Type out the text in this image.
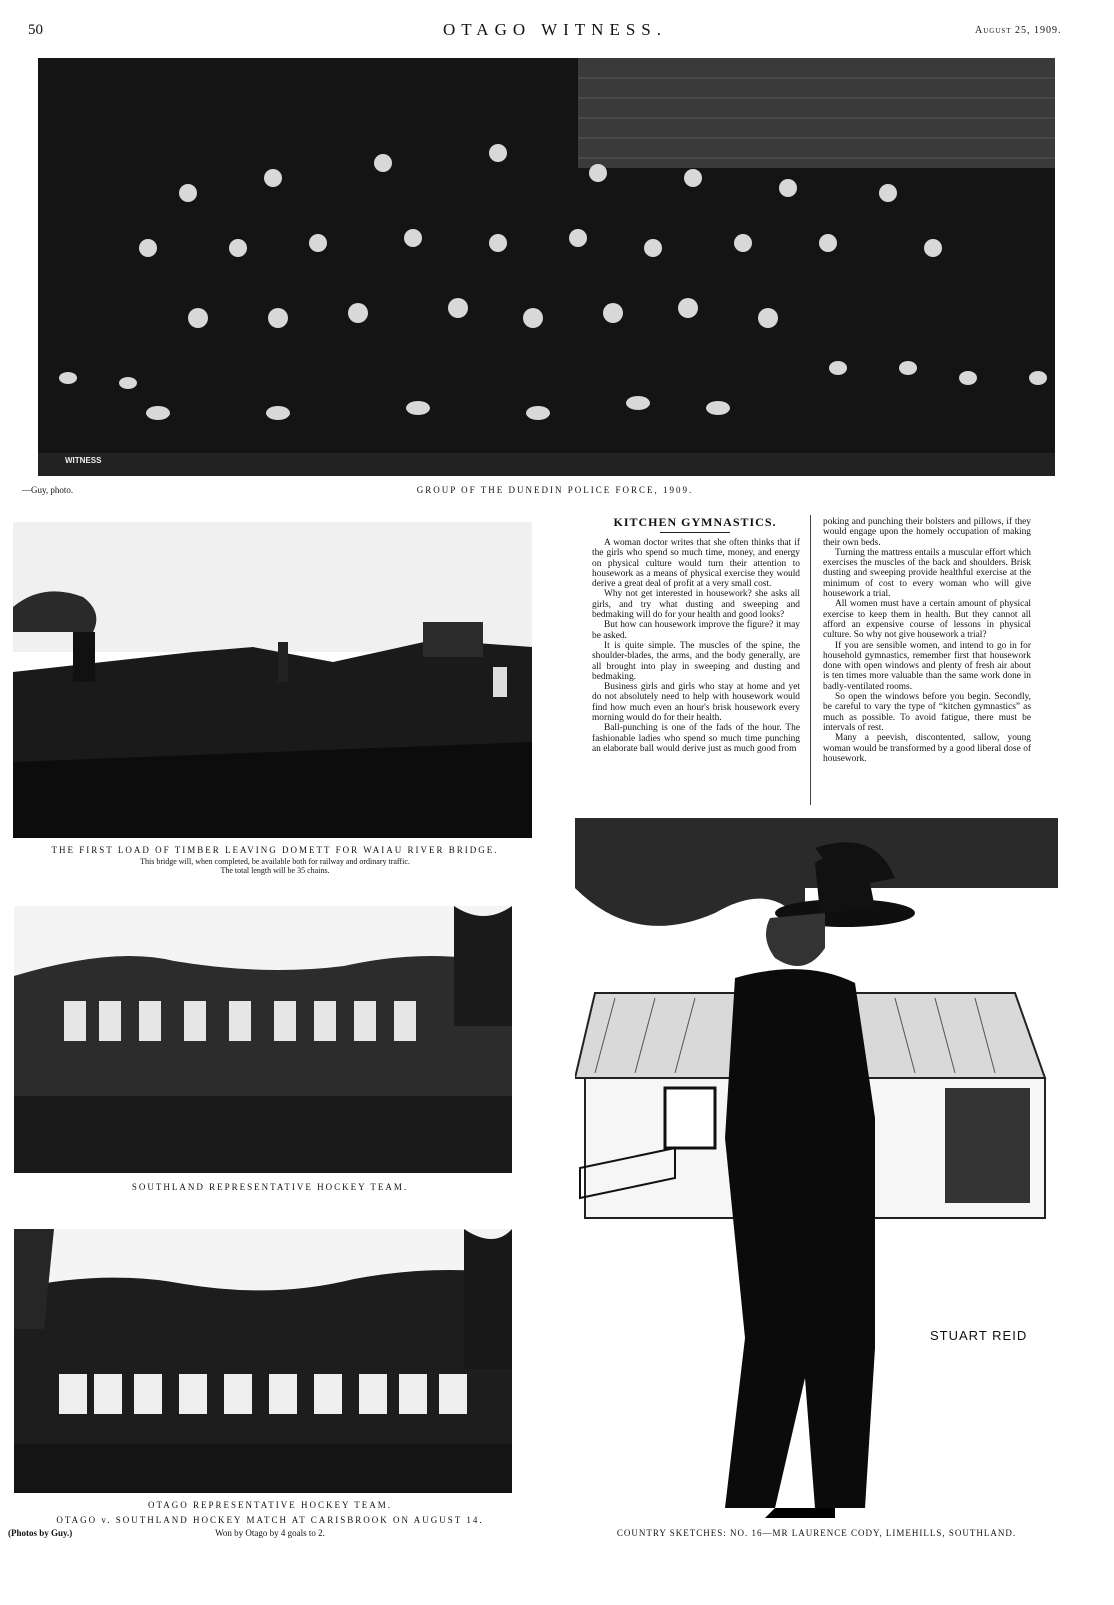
50	OTAGO WITNESS.	August 25, 1909.
WITNESS
—Guy, photo.	GROUP OF THE DUNEDIN POLICE FORCE, 1909.
THE FIRST LOAD OF TIMBER LEAVING DOMETT FOR WAIAU RIVER BRIDGE.
This bridge will, when completed, be available both for railway and ordinary traffic.
The total length will be 35 chains.
SOUTHLAND REPRESENTATIVE HOCKEY TEAM.
OTAGO REPRESENTATIVE HOCKEY TEAM.
OTAGO v. SOUTHLAND HOCKEY MATCH AT CARISBROOK ON AUGUST 14.
Won by Otago by 4 goals to 2.
(Photos by Guy.)
KITCHEN GYMNASTICS.

A woman doctor writes that she often thinks that if the girls who spend so much time, money, and energy on physical culture would turn their attention to housework as a means of physical exercise they would derive a great deal of profit at a very small cost.

Why not get interested in housework? she asks all girls, and try what dusting and sweeping and bedmaking will do for your health and good looks?

But how can housework improve the figure? it may be asked.

It is quite simple. The muscles of the spine, the shoulder-blades, the arms, and the body generally, are all brought into play in sweeping and dusting and bedmaking.

Business girls and girls who stay at home and yet do not absolutely need to help with housework would find how much even an hour's brisk housework every morning would do for their health.

Ball-punching is one of the fads of the hour. The fashionable ladies who spend so much time punching an elaborate ball would derive just as much good from

poking and punching their bolsters and pillows, if they would engage upon the homely occupation of making their own beds.

Turning the mattress entails a muscular effort which exercises the muscles of the back and shoulders. Brisk dusting and sweeping provide healthful exercise at the minimum of cost to every woman who will give housework a trial.

All women must have a certain amount of physical exercise to keep them in health. But they cannot all afford an expensive course of lessons in physical culture. So why not give housework a trial?

If you are sensible women, and intend to go in for household gymnastics, remember first that housework done with open windows and plenty of fresh air about is ten times more valuable than the same work done in badly-ventilated rooms.

So open the windows before you begin. Secondly, be careful to vary the type of “kitchen gymnastics” as much as possible. To avoid fatigue, there must be intervals of rest.

Many a peevish, discontented, sallow, young woman would be transformed by a good liberal dose of housework.

STUART REID
COUNTRY SKETCHES: NO. 16—MR LAURENCE CODY, LIMEHILLS, SOUTHLAND.
